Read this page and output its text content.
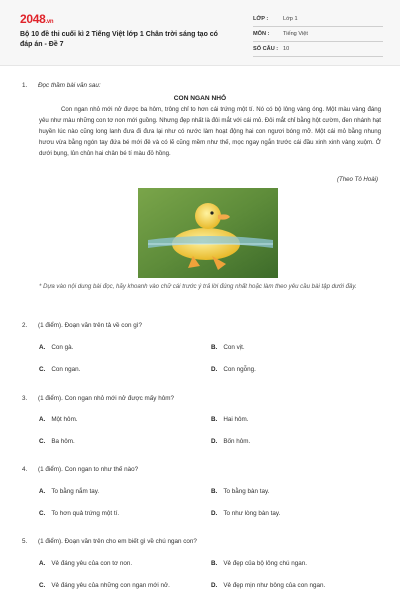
2048.vn
Bộ 10 đề thi cuối kì 2 Tiếng Việt lớp 1 Chân trời sáng tạo có đáp án - Đề 7
LỚP :	Lớp 1
MÔN : Tiếng Việt
SỐ CÂU : 10
1. Đọc thầm bài văn sau:
CON NGAN NHỎ
Con ngan nhỏ mới nở được ba hôm, trông chỉ to hơn cái trứng một tí. Nó có bộ lông vàng óng. Một màu vàng đáng yêu như màu những con tơ non mới guồng. Nhưng đẹp nhất là đôi mắt với cái mỏ. Đôi mắt chỉ bằng hột cườm, đen nhánh hạt huyền lúc nào cũng long lanh đưa đi đưa lại như có nước làm hoạt động hai con ngươi bóng mỡ. Một cái mỏ bằng nhung hươu vừa bằng ngón tay đứa bé mới đẻ và có lẽ cũng mềm như thế, mọc ngay ngắn trước cái đầu xinh xinh vàng xuộm. Ở dưới bụng, lủn chủn hai chân bé tí màu đỏ hồng.
(Theo Tô Hoài)
* Dựa vào nội dung bài đọc, hãy khoanh vào chữ cái trước ý trả lời đúng nhất hoặc làm theo yêu cầu bài tập dưới đây.
2. (1 điểm). Đoạn văn trên tả về con gì?
A. Con gà.	B. Con vịt.
C. Con ngan.	D. Con ngỗng.
3. (1 điểm). Con ngan nhỏ mới nở được mấy hôm?
A. Một hôm.	B. Hai hôm.
C. Ba hôm.	D. Bốn hôm.
4. (1 điểm). Con ngan to như thế nào?
A. To bằng nắm tay.	B. To bằng bàn tay.
C. To hơn quả trứng một tí.	D. To như lòng bàn tay.
5. (1 điểm). Đoạn văn trên cho em biết gì về chú ngan con?
A. Vẻ đáng yêu của con tơ non.	B. Vẻ đẹp của bộ lông chú ngan.
C. Vẻ đáng yêu của những con ngan mới nở.	D. Vẻ đẹp mịn như bông của con ngan.
